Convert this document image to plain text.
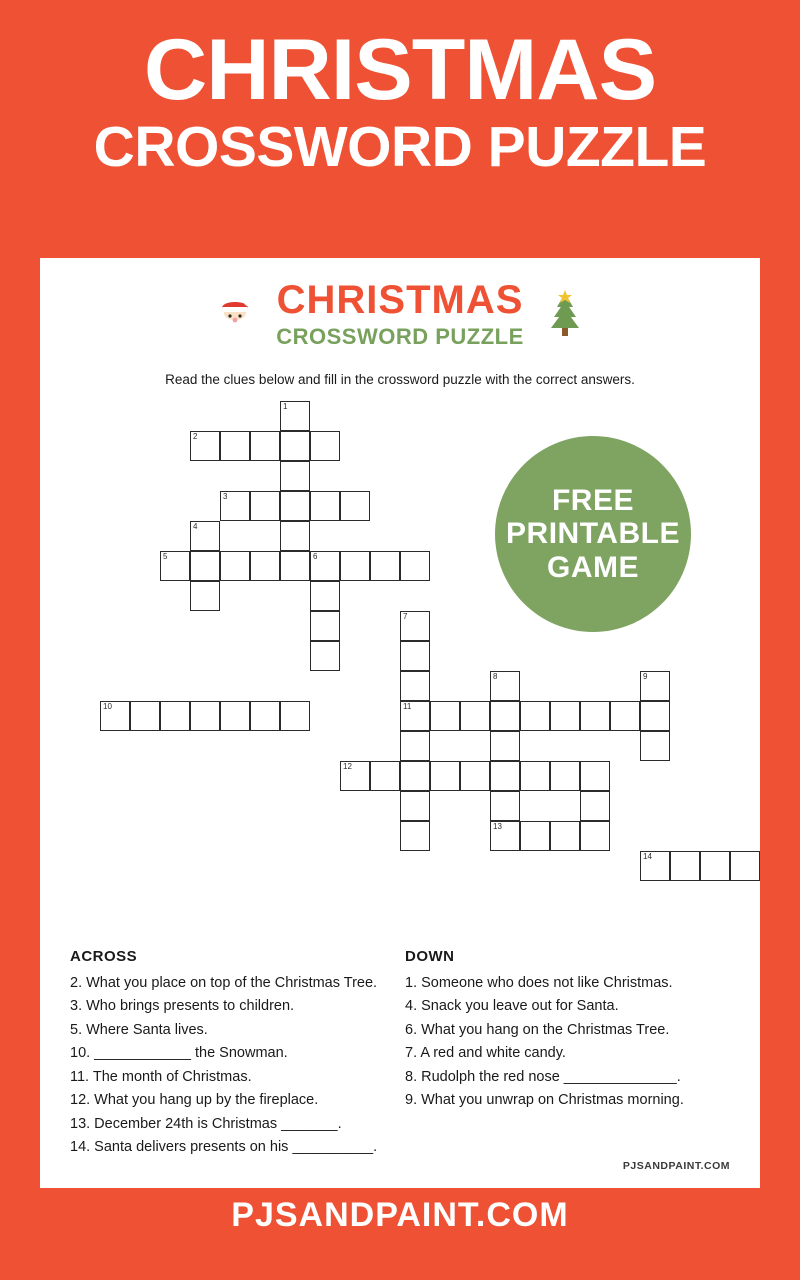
CHRISTMAS
CROSSWORD PUZZLE
CHRISTMAS
CROSSWORD PUZZLE
Read the clues below and fill in the crossword puzzle with the correct answers.
1
2
3
4
5	6
7
8	9
10	11
12
13
14
FREE
PRINTABLE
GAME
ACROSS
2. What you place on top of the Christmas Tree.
3. Who brings presents to children.
5. Where Santa lives.
10. ____________ the Snowman.
11. The month of Christmas.
12. What you hang up by the fireplace.
13. December 24th is Christmas _______.
14. Santa delivers presents on his __________.
DOWN
1. Someone who does not like Christmas.
4. Snack you leave out for Santa.
6. What you hang on the Christmas Tree.
7. A red and white candy.
8. Rudolph the red nose ______________.
9. What you unwrap on Christmas morning.
PJSANDPAINT.COM
PJSANDPAINT.COM
